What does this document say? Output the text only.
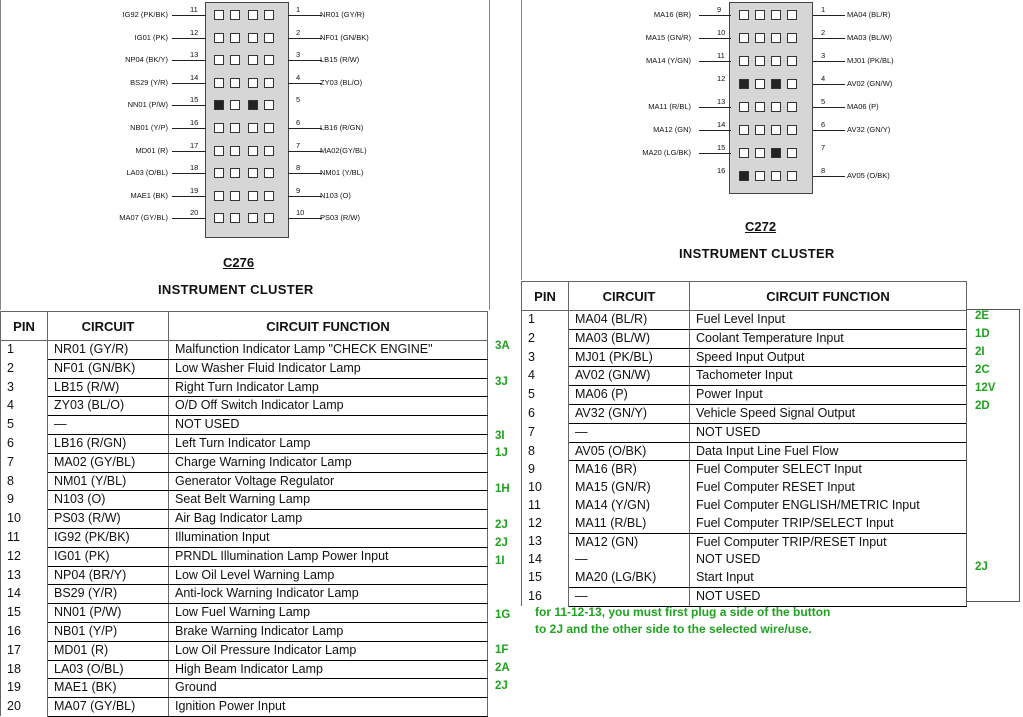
IG92 (PK/BK)
11
IG01 (PK)
12
NP04 (BK/Y)
13
BS29 (Y/R)
14
NN01 (P/W)
15
NB01 (Y/P)
16
MD01 (R)
17
LA03 (O/BL)
18
MAE1 (BK)
19
MA07 (GY/BL)
20
1
NR01 (GY/R)
2
NF01 (GN/BK)
3
LB15 (R/W)
4
ZY03 (BL/O)
5
6
LB16 (R/GN)
7
MA02(GY/BL)
8
NM01 (Y/BL)
9
N103 (O)
10
PS03 (R/W)
C276
INSTRUMENT CLUSTER
MA16 (BR)
9
MA15 (GN/R)
10
MA14 (Y/GN)
11
12
MA11 (R/BL)
13
MA12 (GN)
14
MA20 (LG/BK)
15
16
1
MA04 (BL/R)
2
MA03 (BL/W)
3
MJ01 (PK/BL)
4
AV02 (GN/W)
5
MA06 (P)
6
AV32 (GN/Y)
7
8
AV05 (O/BK)
C272
INSTRUMENT CLUSTER
PIN	CIRCUIT	CIRCUIT FUNCTION
1	NR01 (GY/R)	Malfunction Indicator Lamp "CHECK ENGINE"
2	NF01 (GN/BK)	Low Washer Fluid Indicator Lamp
3	LB15 (R/W)	Right Turn Indicator Lamp
4	ZY03 (BL/O)	O/D Off Switch Indicator Lamp
5	—	NOT USED
6	LB16 (R/GN)	Left Turn Indicator Lamp
7	MA02 (GY/BL)	Charge Warning Indicator Lamp
8	NM01 (Y/BL)	Generator Voltage Regulator
9	N103 (O)	Seat Belt Warning Lamp
10	PS03 (R/W)	Air Bag Indicator Lamp
11	IG92 (PK/BK)	Illumination Input
12	IG01 (PK)	PRNDL Illumination Lamp Power Input
13	NP04 (BR/Y)	Low Oil Level Warning Lamp
14	BS29 (Y/R)	Anti-lock Warning Indicator Lamp
15	NN01 (P/W)	Low Fuel Warning Lamp
16	NB01 (Y/P)	Brake Warning Indicator Lamp
17	MD01 (R)	Low Oil Pressure Indicator Lamp
18	LA03 (O/BL)	High Beam Indicator Lamp
19	MAE1 (BK)	Ground
20	MA07 (GY/BL)	Ignition Power Input
3A
3J
3I
1J
1H
2J
2J
1I
1G
1F
2A
2J
PIN	CIRCUIT	CIRCUIT FUNCTION
1	MA04 (BL/R)	Fuel Level Input
2	MA03 (BL/W)	Coolant Temperature Input
3	MJ01 (PK/BL)	Speed Input Output
4	AV02 (GN/W)	Tachometer Input
5	MA06 (P)	Power Input
6	AV32 (GN/Y)	Vehicle Speed Signal Output
7	—	NOT USED
8	AV05 (O/BK)	Data Input Line Fuel Flow
9	MA16 (BR)	Fuel Computer SELECT Input
10	MA15 (GN/R)	Fuel Computer RESET Input
11	MA14 (Y/GN)	Fuel Computer ENGLISH/METRIC Input
12	MA11 (R/BL)	Fuel Computer TRIP/SELECT Input
13	MA12 (GN)	Fuel Computer TRIP/RESET Input
14	—	NOT USED
15	MA20 (LG/BK)	Start Input
16	—	NOT USED
2E
1D
2I
2C
12V
2D
2J
for 11-12-13, you must first plug a side of the button to 2J and the other side to the selected wire/use.
